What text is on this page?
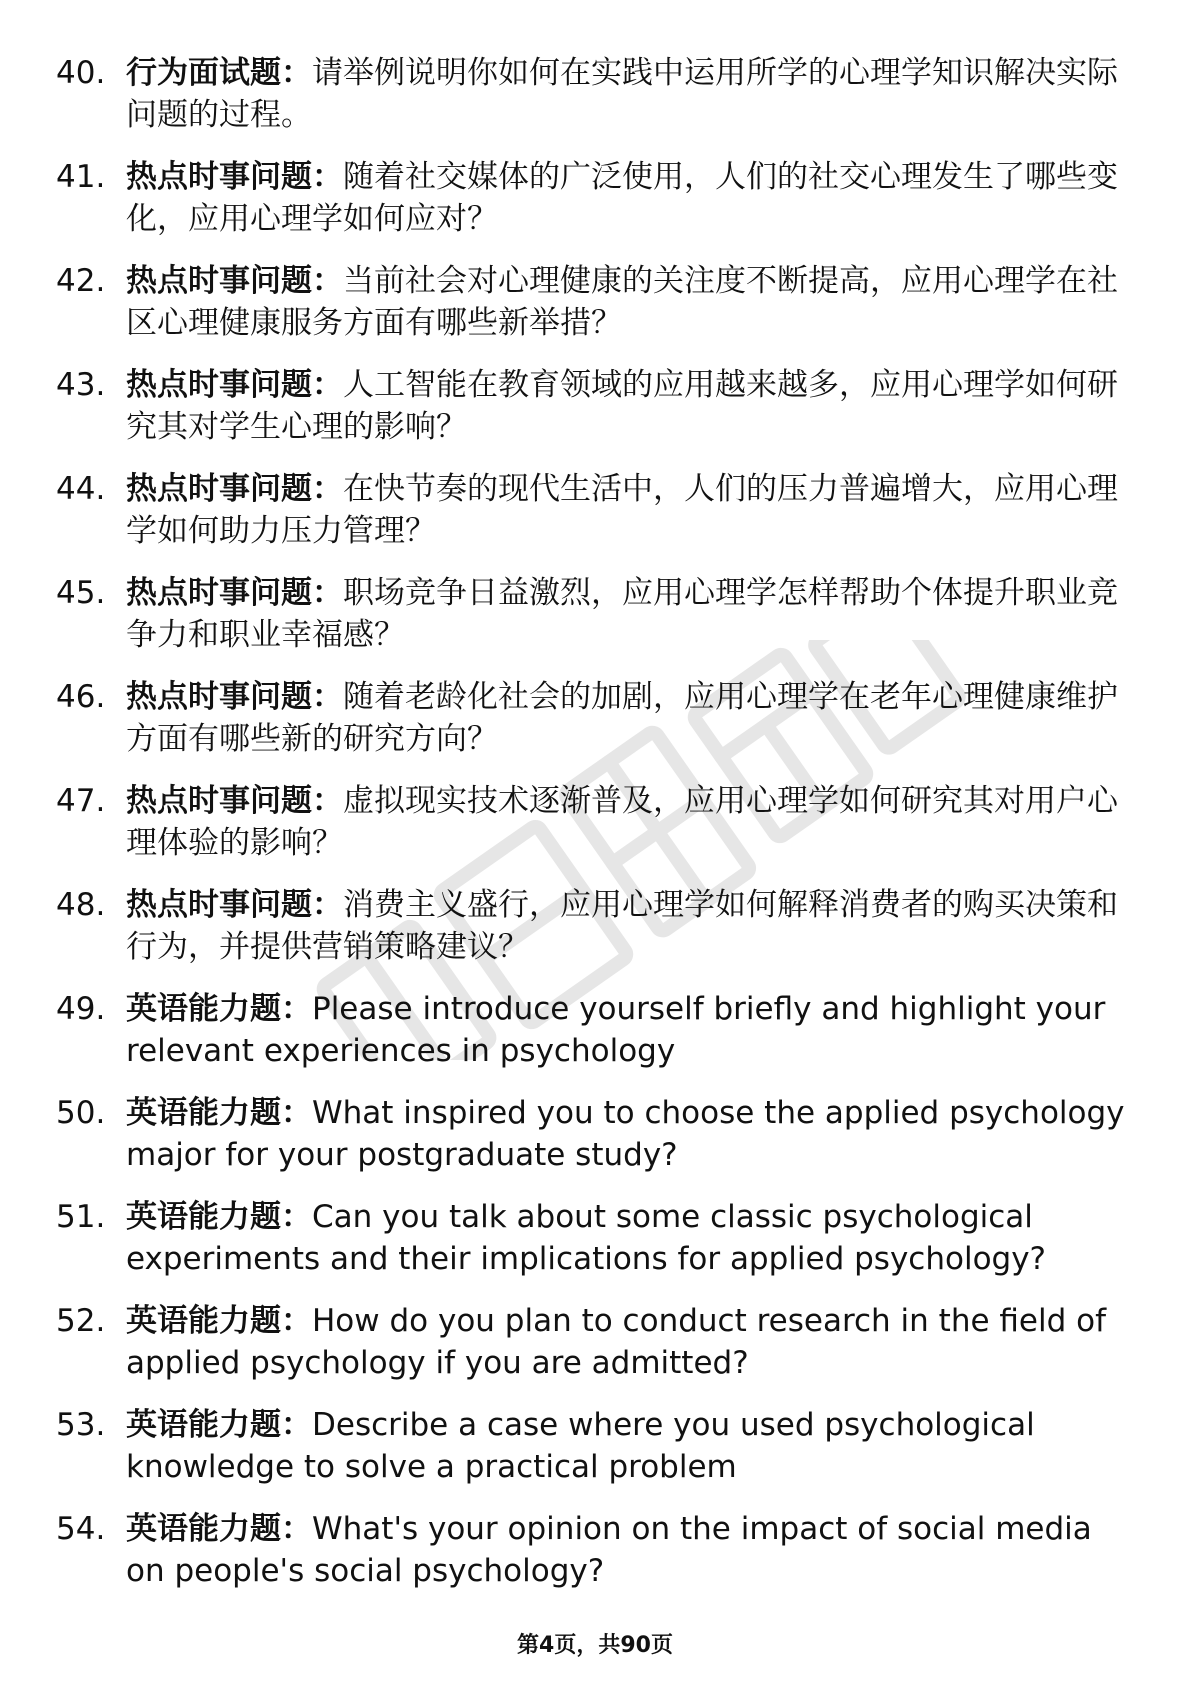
40. 行为面试题：请举例说明你如何在实践中运用所学的心理学知识解决实际问题的过程。
41. 热点时事问题：随着社交媒体的广泛使用，人们的社交心理发生了哪些变化，应用心理学如何应对？
42. 热点时事问题：当前社会对心理健康的关注度不断提高，应用心理学在社区心理健康服务方面有哪些新举措？
43. 热点时事问题：人工智能在教育领域的应用越来越多，应用心理学如何研究其对学生心理的影响？
44. 热点时事问题：在快节奏的现代生活中，人们的压力普遍增大，应用心理学如何助力压力管理？
45. 热点时事问题：职场竞争日益激烈，应用心理学怎样帮助个体提升职业竞争力和职业幸福感？
46. 热点时事问题：随着老龄化社会的加剧，应用心理学在老年心理健康维护方面有哪些新的研究方向？
47. 热点时事问题：虚拟现实技术逐渐普及，应用心理学如何研究其对用户心理体验的影响？
48. 热点时事问题：消费主义盛行，应用心理学如何解释消费者的购买决策和行为，并提供营销策略建议？
49. 英语能力题：Please introduce yourself briefly and highlight your relevant experiences in psychology
50. 英语能力题：What inspired you to choose the applied psychology major for your postgraduate study?
51. 英语能力题：Can you talk about some classic psychological experiments and their implications for applied psychology?
52. 英语能力题：How do you plan to conduct research in the field of applied psychology if you are admitted?
53. 英语能力题：Describe a case where you used psychological knowledge to solve a practical problem
54. 英语能力题：What's your opinion on the impact of social media on people's social psychology?
第4页，共90页
